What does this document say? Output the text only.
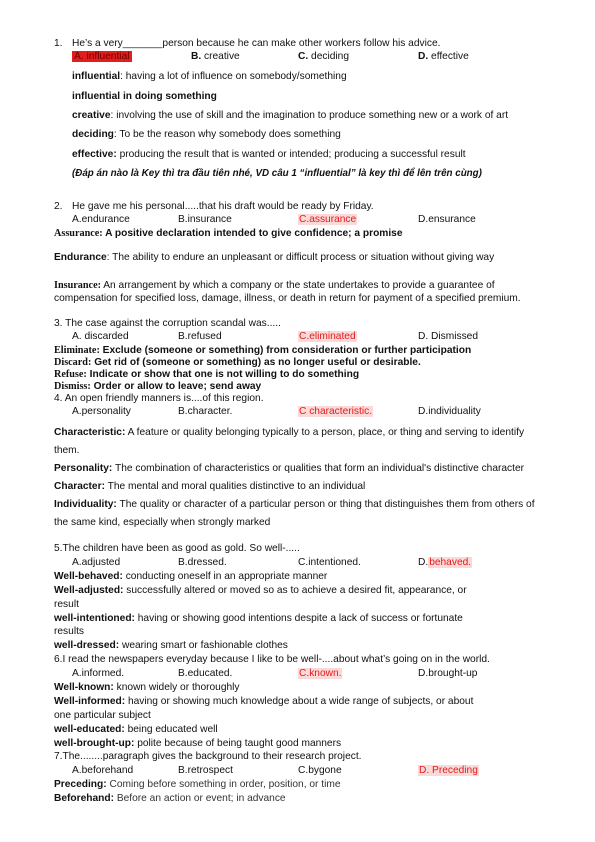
1. He’s a very_______person because he can make other workers follow his advice.
A. influential	B. creative	C. deciding	D. effective
influential: having a lot of influence on somebody/something
influential in doing something
creative: involving the use of skill and the imagination to produce something new or a work of art
deciding: To be the reason why somebody does something
effective: producing the result that is wanted or intended; producing a successful result
(Đáp án nào là Key thì tra đầu tiên nhé, VD câu 1 “influential” là key thì để lên trên cùng)
2. He gave me his personal.....that his draft would be ready by Friday.
A.endurance	B.insurance	C.assurance	D.ensurance
Assurance: A positive declaration intended to give confidence; a promise
Endurance: The ability to endure an unpleasant or difficult process or situation without giving way
Insurance: An arrangement by which a company or the state undertakes to provide a guarantee of
compensation for specified loss, damage, illness, or death in return for payment of a specified premium.
3. The case against the corruption scandal was.....
A. discarded	B.refused	C.eliminated	D. Dismissed
Eliminate: Exclude (someone or something) from consideration or further participation
Discard: Get rid of (someone or something) as no longer useful or desirable.
Refuse: Indicate or show that one is not willing to do something
Dismiss: Order or allow to leave; send away
4. An open friendly manners is....of this region.
A.personality	B.character.	C characteristic.	D.individuality
Characteristic: A feature or quality belonging typically to a person, place, or thing and serving to identify
them.
Personality: The combination of characteristics or qualities that form an individual's distinctive character
Character: The mental and moral qualities distinctive to an individual
Individuality: The quality or character of a particular person or thing that distinguishes them from others of
the same kind, especially when strongly marked
5.The children have been as good as gold. So well-.....
A.adjusted	B.dressed.	C.intentioned.	D.behaved.
Well-behaved: conducting oneself in an appropriate manner
Well-adjusted: successfully altered or moved so as to achieve a desired fit, appearance, or
result
well-intentioned: having or showing good intentions despite a lack of success or fortunate
results
well-dressed: wearing smart or fashionable clothes
6.I read the newspapers everyday because I like to be well-....about what’s going on in the world.
A.informed.	B.educated.	C.known.	D.brought-up
Well-known: known widely or thoroughly
Well-informed: having or showing much knowledge about a wide range of subjects, or about
one particular subject
well-educated: being educated well
well-brought-up: polite because of being taught good manners
7.The........paragraph gives the background to their research project.
A.beforehand	B.retrospect	C.bygone	D. Preceding
Preceding: Coming before something in order, position, or time
Beforehand: Before an action or event; in advance
